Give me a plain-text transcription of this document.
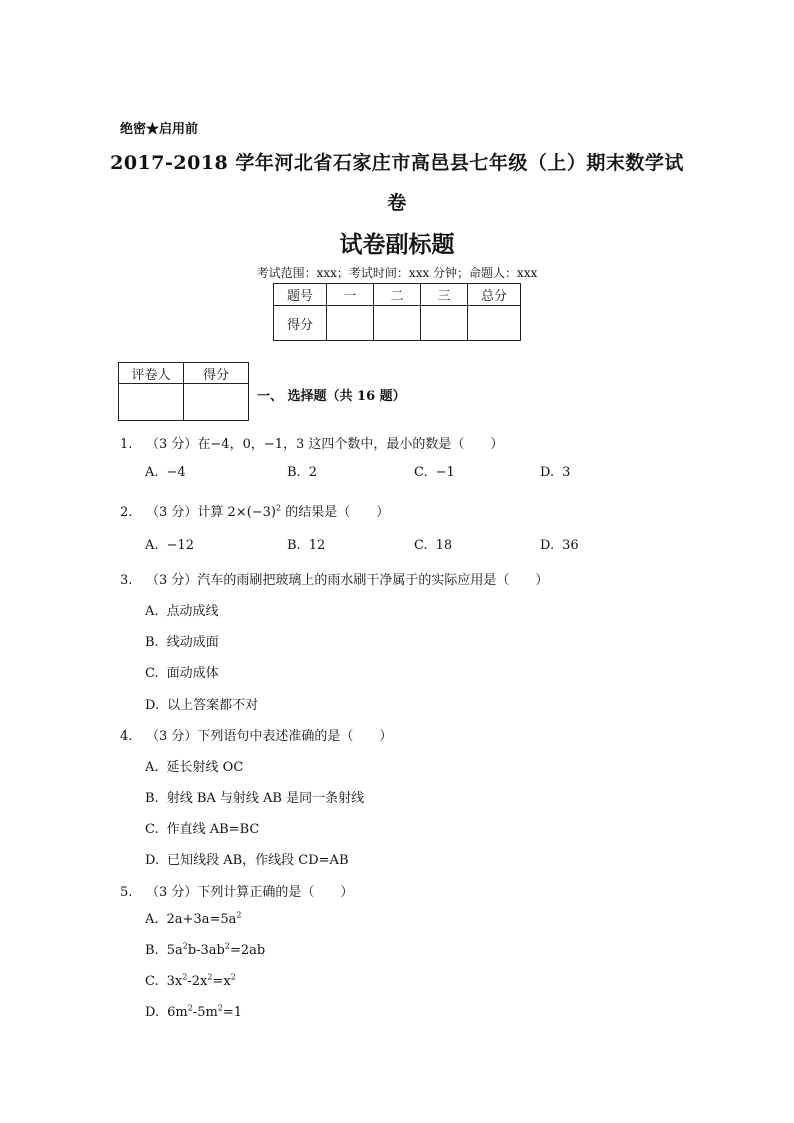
绝密★启用前
2017-2018 学年河北省石家庄市高邑县七年级（上）期末数学试
卷
试卷副标题
考试范围：xxx；考试时间：xxx 分钟；命题人：xxx
题号	一	二	三	总分
得分				
评卷人	得分

一、 选择题（共 16 题）
1. （3 分）在−4，0，−1，3 这四个数中，最小的数是（　　）
A. −4	B. 2	C. −1	D. 3
2. （3 分）计算 $2\times(-3)^2$ 的结果是（　　）
A. −12	B. 12	C. 18	D. 36
3. （3 分）汽车的雨刷把玻璃上的雨水刷干净属于的实际应用是（　　）
A. 点动成线
B. 线动成面
C. 面动成体
D. 以上答案都不对
4. （3 分）下列语句中表述准确的是（　　）
A. 延长射线 OC
B. 射线 BA 与射线 AB 是同一条射线
C. 作直线 AB=BC
D. 已知线段 AB，作线段 CD=AB
5. （3 分）下列计算正确的是（　　）
A. $2a+3a=5a^2$
B. $5a^2b-3ab^2=2ab$
C. $3x^2-2x^2=x^2$
D. $6m^2-5m^2=1$
